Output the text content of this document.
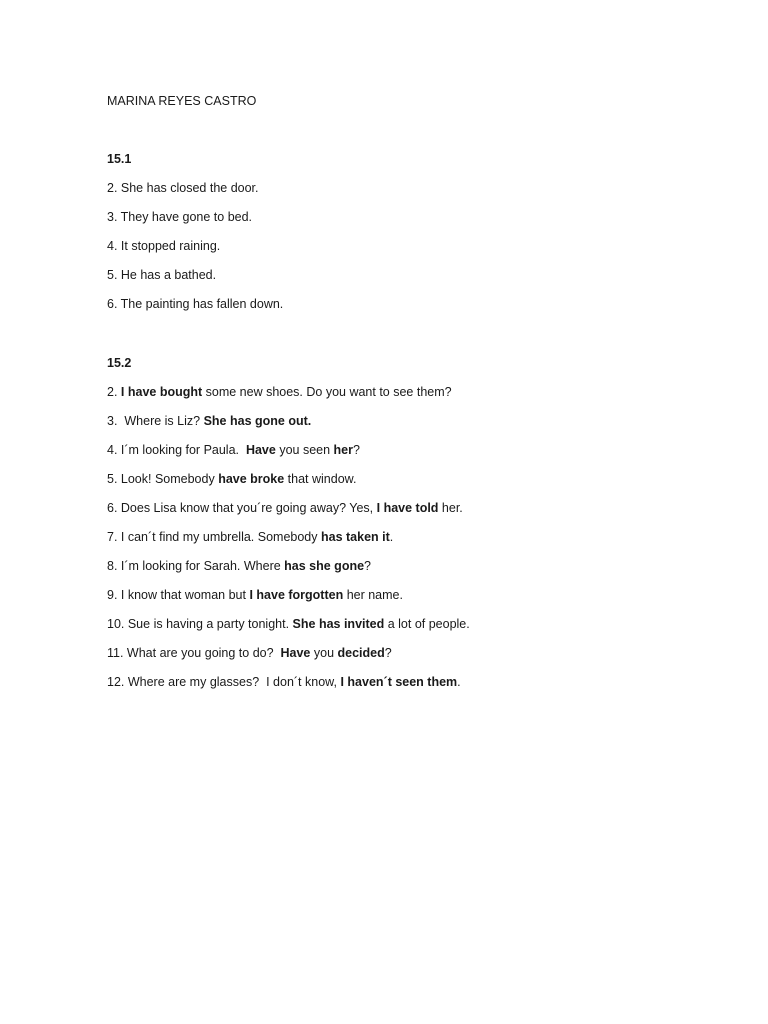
MARINA REYES CASTRO

15.1

2. She has closed the door.

3. They have gone to bed.

4. It stopped raining.

5. He has a bathed.

6. The painting has fallen down.

15.2

2. I have bought some new shoes. Do you want to see them?

3.  Where is Liz? She has gone out.

4. I´m looking for Paula.  Have you seen her?

5. Look! Somebody have broke that window.

6. Does Lisa know that you´re going away? Yes, I have told her.

7. I can´t find my umbrella. Somebody has taken it.

8. I´m looking for Sarah. Where has she gone?

9. I know that woman but I have forgotten her name.

10. Sue is having a party tonight. She has invited a lot of people.

11. What are you going to do?  Have you decided?

12. Where are my glasses?  I don´t know, I haven´t seen them.
